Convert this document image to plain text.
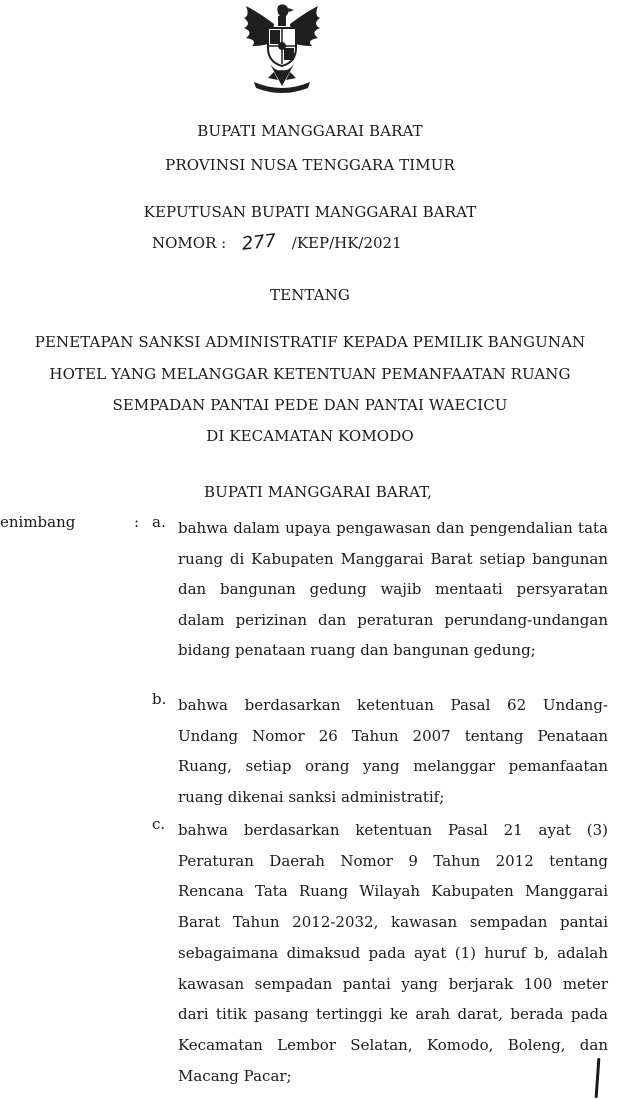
BUPATI MANGGARAI BARAT
PROVINSI NUSA TENGGARA TIMUR
KEPUTUSAN BUPATI MANGGARAI BARAT
NOMOR : 277 /KEP/HK/2021
TENTANG
PENETAPAN SANKSI ADMINISTRATIF KEPADA PEMILIK BANGUNAN
HOTEL YANG MELANGGAR KETENTUAN PEMANFAATAN RUANG
SEMPADAN PANTAI PEDE DAN PANTAI WAECICU
DI KECAMATAN KOMODO
BUPATI MANGGARAI BARAT,
enimbang	: a. bahwa dalam upaya pengawasan dan pengendalian tata ruang di Kabupaten Manggarai Barat setiap bangunan dan bangunan gedung wajib mentaati persyaratan dalam perizinan dan peraturan perundang-undangan bidang penataan ruang dan bangunan gedung;
b. bahwa berdasarkan ketentuan Pasal 62 Undang-Undang Nomor 26 Tahun 2007 tentang Penataan Ruang, setiap orang yang melanggar pemanfaatan ruang dikenai sanksi administratif;
c. bahwa berdasarkan ketentuan Pasal 21 ayat (3) Peraturan Daerah Nomor 9 Tahun 2012 tentang Rencana Tata Ruang Wilayah Kabupaten Manggarai Barat Tahun 2012-2032, kawasan sempadan pantai sebagaimana dimaksud pada ayat (1) huruf b, adalah kawasan sempadan pantai yang berjarak 100 meter dari titik pasang tertinggi ke arah darat, berada pada Kecamatan Lembor Selatan, Komodo, Boleng, dan Macang Pacar;
